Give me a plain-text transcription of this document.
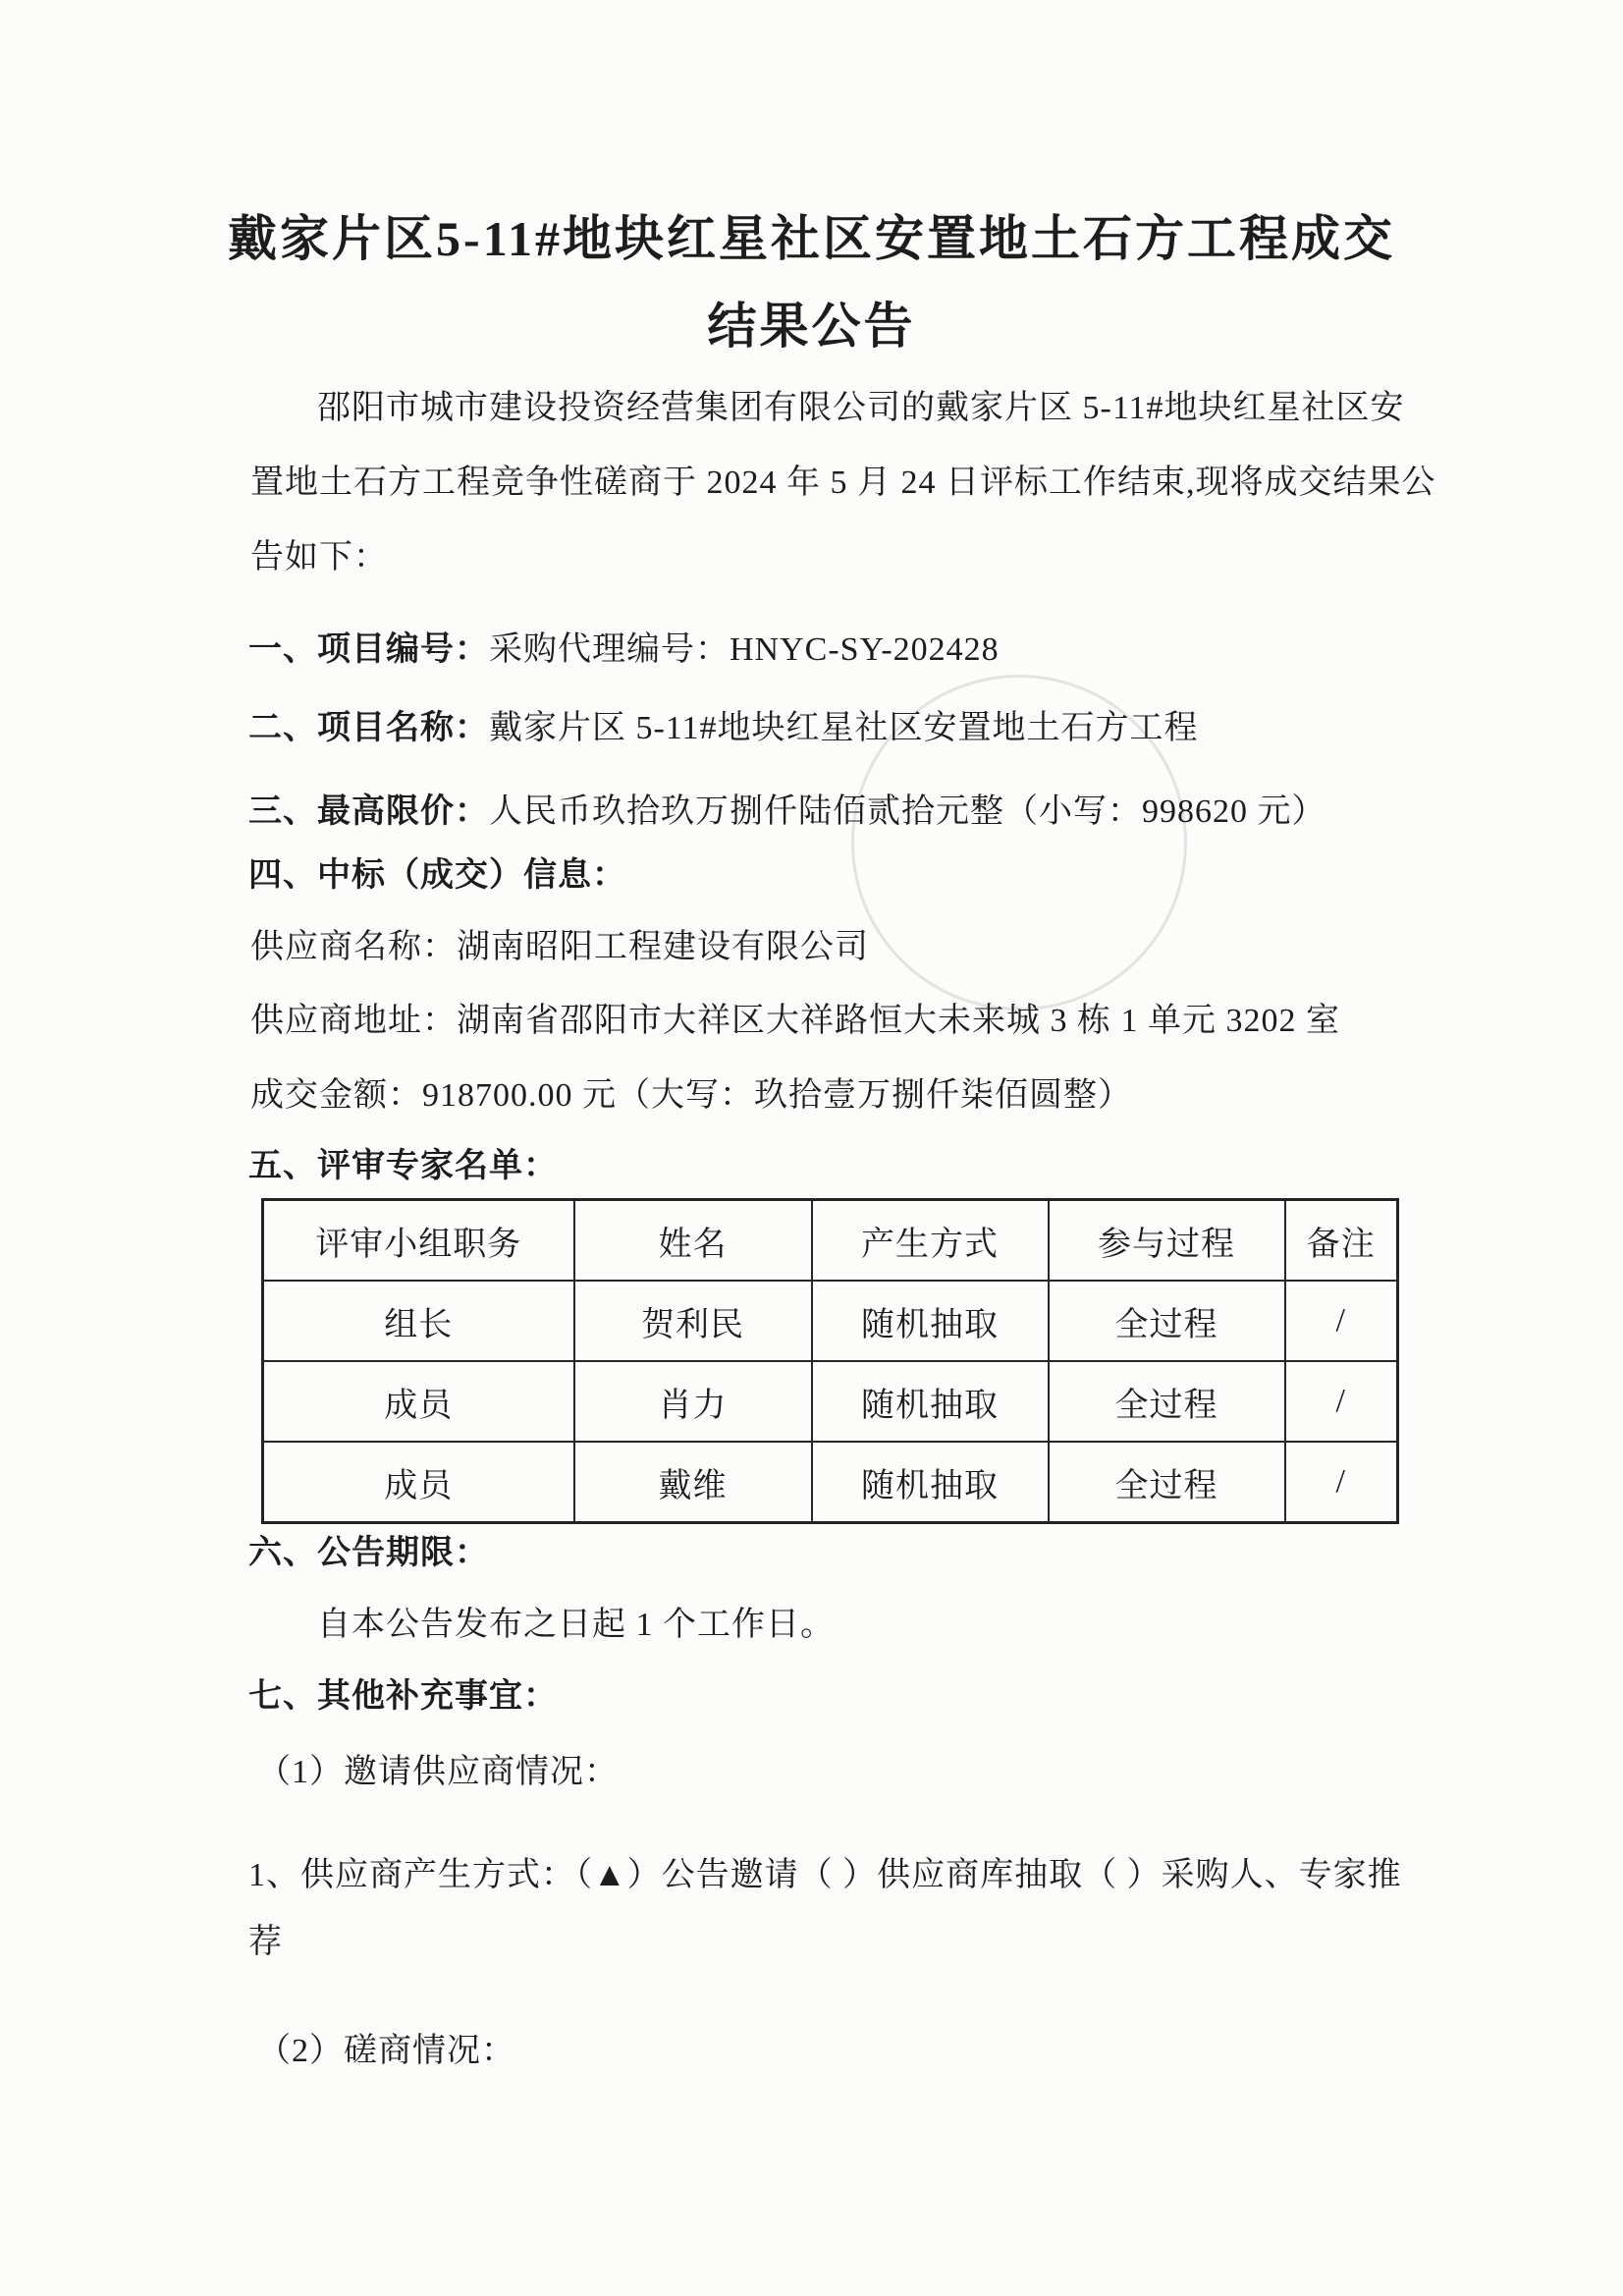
戴家片区5-11#地块红星社区安置地土石方工程成交
结果公告
邵阳市城市建设投资经营集团有限公司的戴家片区 5-11#地块红星社区安
置地土石方工程竞争性磋商于 2024 年 5 月 24 日评标工作结束,现将成交结果公
告如下：
一、项目编号：采购代理编号：HNYC-SY-202428
二、项目名称：戴家片区 5-11#地块红星社区安置地土石方工程
三、最高限价：人民币玖拾玖万捌仟陆佰贰拾元整（小写：998620 元）
四、中标（成交）信息：
供应商名称：湖南昭阳工程建设有限公司
供应商地址：湖南省邵阳市大祥区大祥路恒大未来城 3 栋 1 单元 3202 室
成交金额：918700.00 元（大写：玖拾壹万捌仟柒佰圆整）
五、评审专家名单：
评审小组职务	姓名	产生方式	参与过程	备注
组长	贺利民	随机抽取	全过程	/
成员	肖力	随机抽取	全过程	/
成员	戴维	随机抽取	全过程	/
六、公告期限：
自本公告发布之日起 1 个工作日。
七、其他补充事宜：
（1）邀请供应商情况：
1、供应商产生方式：（▲）公告邀请（ ）供应商库抽取（ ）采购人、专家推
荐
（2）磋商情况：
